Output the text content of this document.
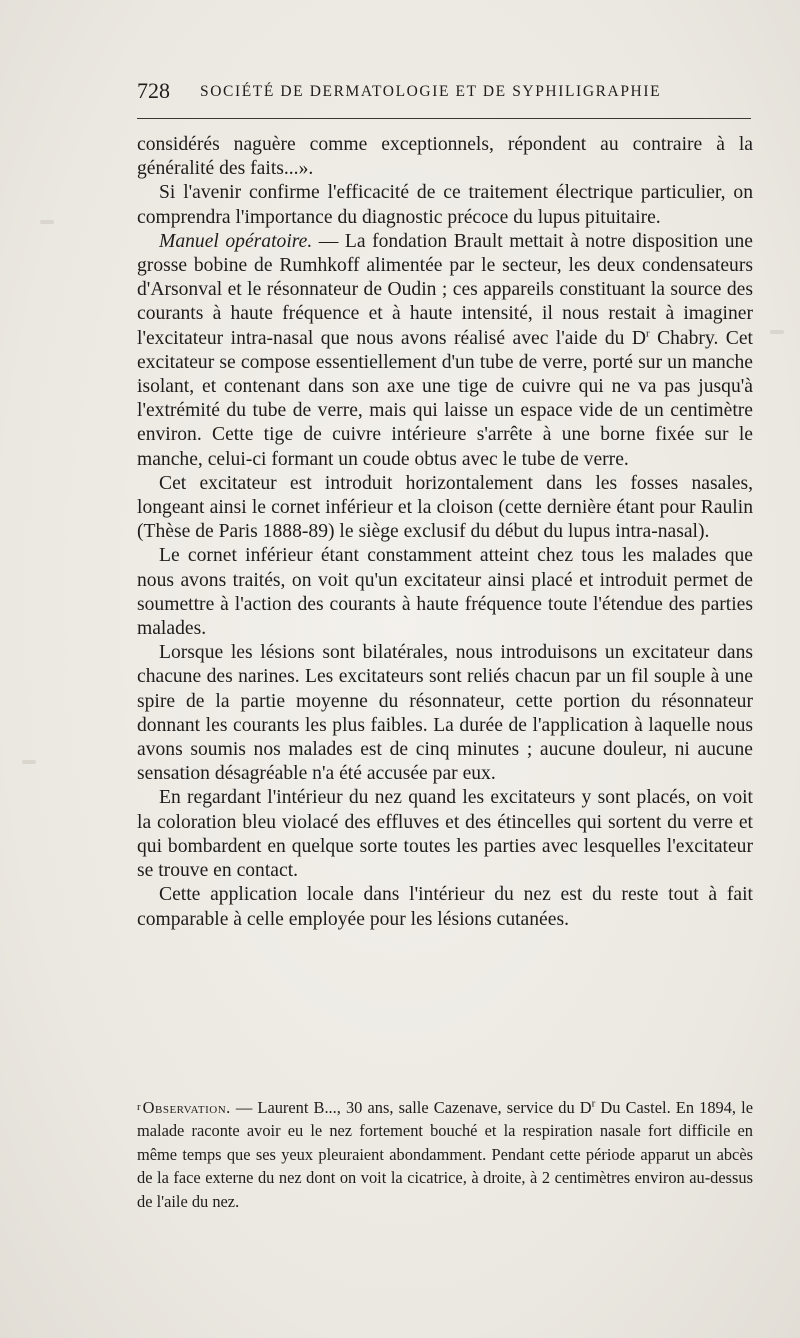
728 SOCIÉTÉ DE DERMATOLOGIE ET DE SYPHILIGRAPHIE

considérés naguère comme exceptionnels, répondent au contraire à la généralité des faits...».

Si l'avenir confirme l'efficacité de ce traitement électrique particulier, on comprendra l'importance du diagnostic précoce du lupus pituitaire.

Manuel opératoire. — La fondation Brault mettait à notre disposition une grosse bobine de Rumhkoff alimentée par le secteur, les deux condensateurs d'Arsonval et le résonnateur de Oudin ; ces appareils constituant la source des courants à haute fréquence et à haute intensité, il nous restait à imaginer l'excitateur intra-nasal que nous avons réalisé avec l'aide du $D^r$ Chabry. Cet excitateur se compose essentiellement d'un tube de verre, porté sur un manche isolant, et contenant dans son axe une tige de cuivre qui ne va pas jusqu'à l'extrémité du tube de verre, mais qui laisse un espace vide de un centimètre environ. Cette tige de cuivre intérieure s'arrête à une borne fixée sur le manche, celui-ci formant un coude obtus avec le tube de verre.

Cet excitateur est introduit horizontalement dans les fosses nasales, longeant ainsi le cornet inférieur et la cloison (cette dernière étant pour Raulin (Thèse de Paris 1888-89) le siège exclusif du début du lupus intra-nasal).

Le cornet inférieur étant constamment atteint chez tous les malades que nous avons traités, on voit qu'un excitateur ainsi placé et introduit permet de soumettre à l'action des courants à haute fréquence toute l'étendue des parties malades.

Lorsque les lésions sont bilatérales, nous introduisons un excitateur dans chacune des narines. Les excitateurs sont reliés chacun par un fil souple à une spire de la partie moyenne du résonnateur, cette portion du résonnateur donnant les courants les plus faibles. La durée de l'application à laquelle nous avons soumis nos malades est de cinq minutes ; aucune douleur, ni aucune sensation désagréable n'a été accusée par eux.

En regardant l'intérieur du nez quand les excitateurs y sont placés, on voit la coloration bleu violacé des effluves et des étincelles qui sortent du verre et qui bombardent en quelque sorte toutes les parties avec lesquelles l'excitateur se trouve en contact.

Cette application locale dans l'intérieur du nez est du reste tout à fait comparable à celle employée pour les lésions cutanées.

$^r$ Observation. — Laurent B..., 30 ans, salle Cazenave, service du $D^r$ Du Castel. En 1894, le malade raconte avoir eu le nez fortement bouché et la respiration nasale fort difficile en même temps que ses yeux pleuraient abondamment. Pendant cette période apparut un abcès de la face externe du nez dont on voit la cicatrice, à droite, à 2 centimètres environ au-dessus de l'aile du nez.
